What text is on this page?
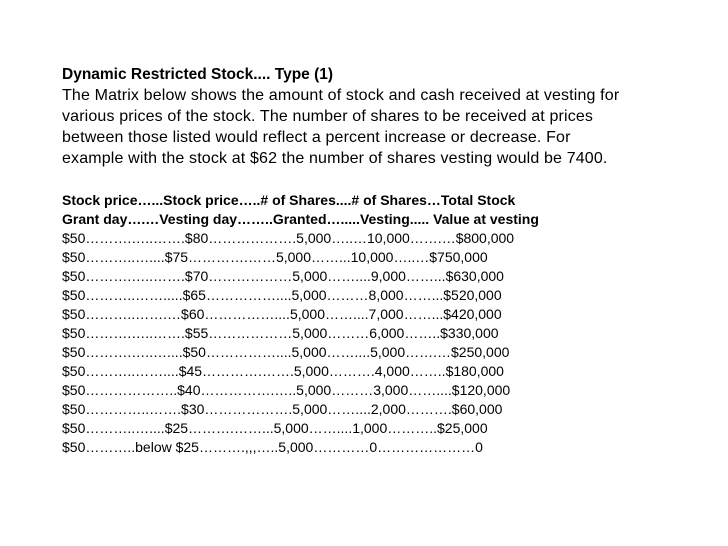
Dynamic Restricted Stock.... Type (1)

The Matrix below shows the amount of stock and cash received at vesting for

various prices of the stock. The number of shares to be received at prices

between those listed would reflect a percent increase or decrease. For

example with the stock at $62 the number of shares vesting would be 7400.

Stock price…...Stock price…..# of Shares....# of Shares…Total Stock

Grant day….…Vesting day……..Granted….....Vesting..... Value at vesting

$50……….…..…….$80……………….5,000…..…10,000…….…$800,000

$50………..…....$75………….……5,000……...10,000…..…$750,000

$50……….…..…….$70………………5,000……....9,000……...$630,000

$50………..…….....$65……………....5,000………8,000……...$520,000

$50………..…….…$60……………....5,000……....7,000……...$420,000

$50……….…..…….$55………………5,000………6,000……..$330,000

$50……….…..…....$50……………....5,000……....5,000…….…$250,000

$50………..……....$45………….…….5,000……….4,000……..$180,000

$50………………..$40…………….…..5,000………3,000……....$120,000

$50…………..…….$30……………….5,000……....2,000……….$60,000

$50………..…....$25……….……...5,000……....1,000………..$25,000

$50………..below $25……….,,,…..5,000…………0…………………0
